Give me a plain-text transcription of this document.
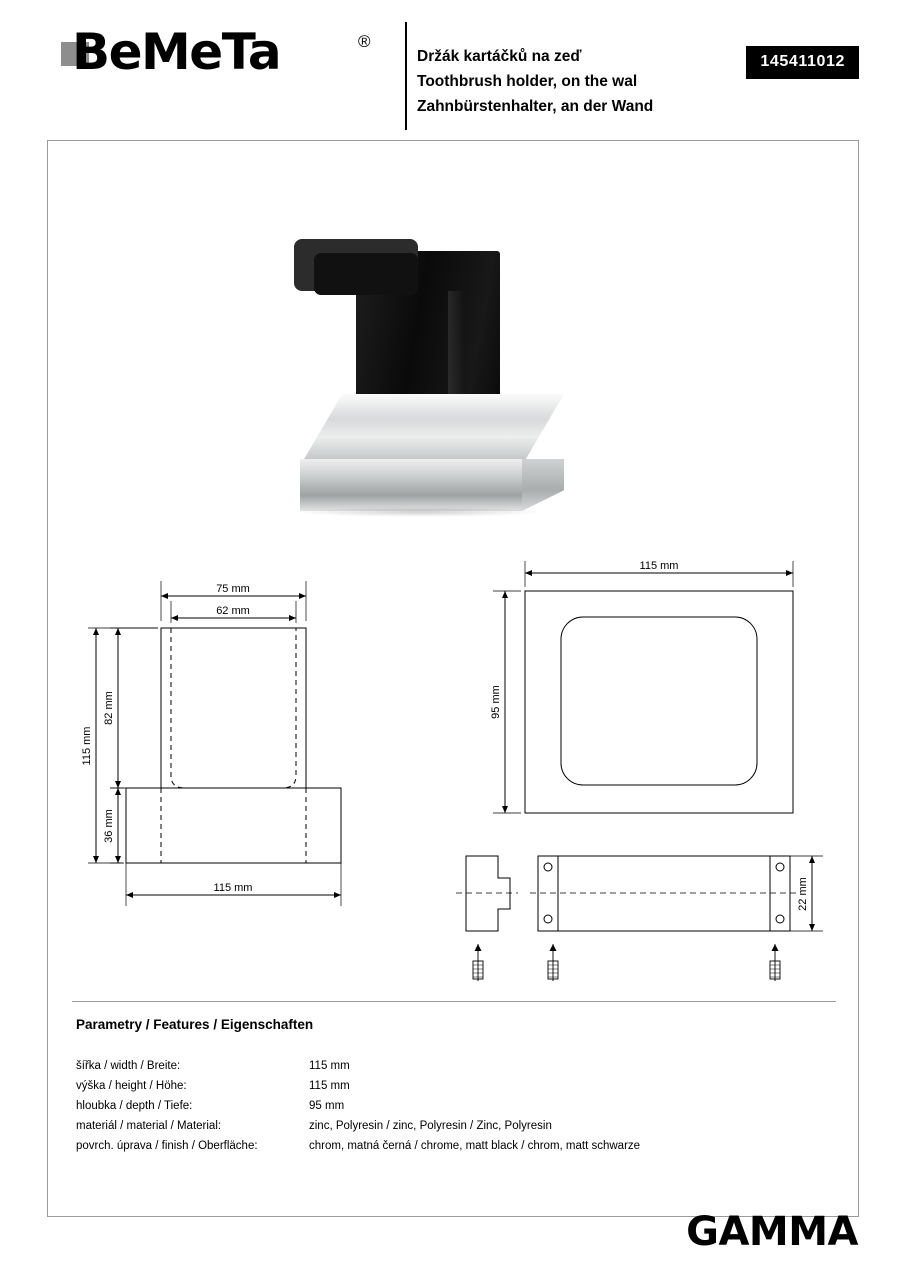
BeMeTa	®
Držák kartáčků na zeď
Toothbrush holder, on the wal
Zahnbürstenhalter, an der Wand
145411012
75 mm
62 mm
115 mm
82 mm
36 mm
115 mm
115 mm
95 mm
22 mm
Parametry / Features / Eigenschaften
šířka / width / Breite:	115 mm
výška / height / Höhe:	115 mm
hloubka / depth / Tiefe:	95 mm
materiál / material / Material:	zinc, Polyresin / zinc, Polyresin / Zinc, Polyresin
povrch. úprava / finish / Oberfläche:	chrom, matná černá / chrome, matt black / chrom, matt schwarze
GAMMA
